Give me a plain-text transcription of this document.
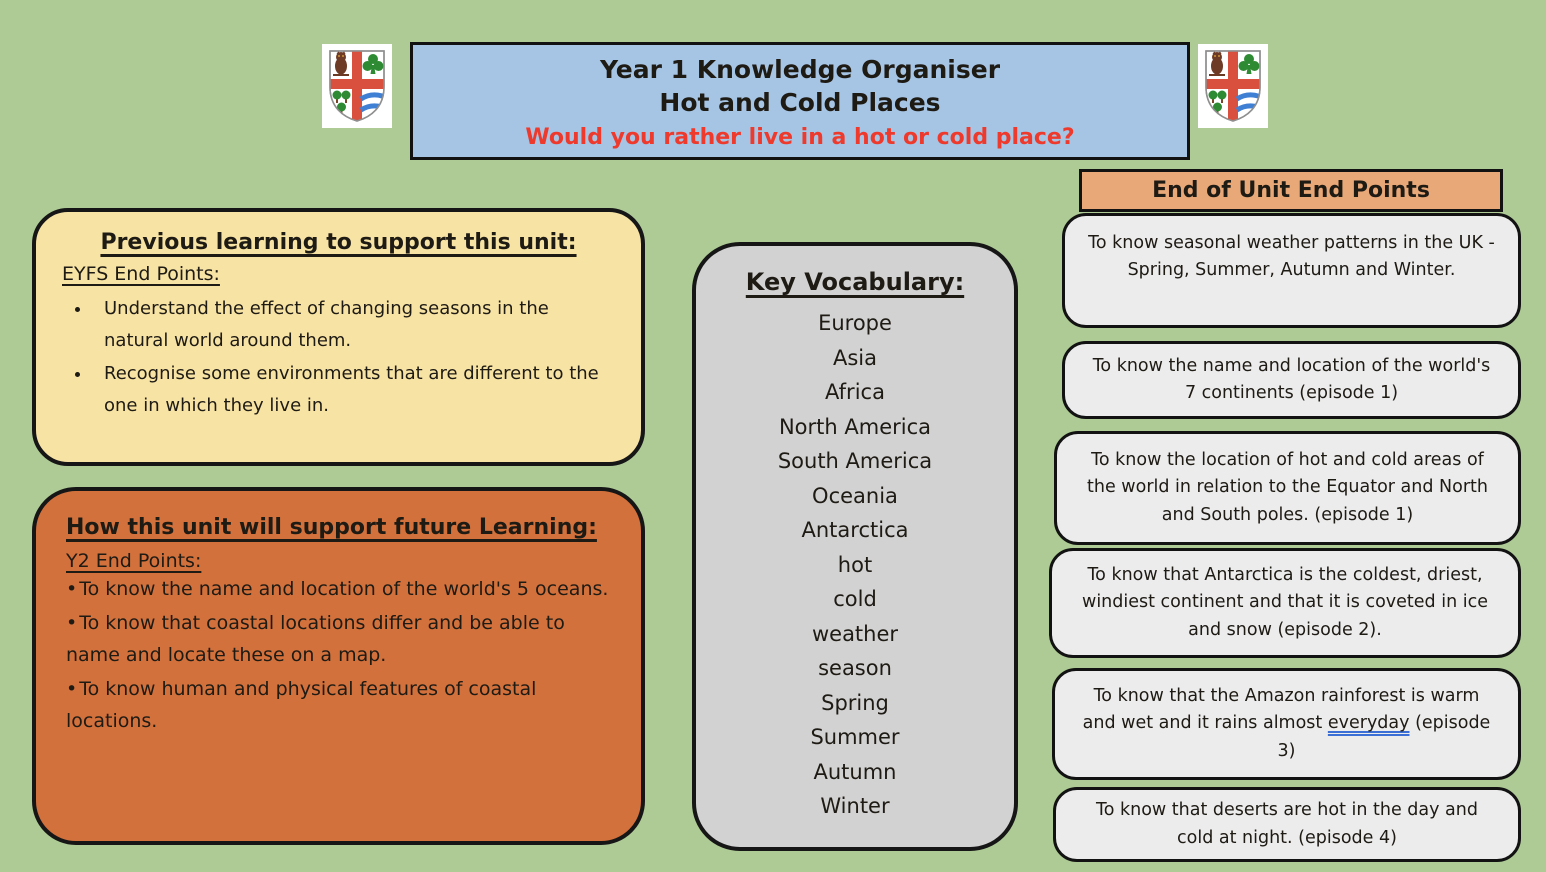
Year 1 Knowledge Organiser
Hot and Cold Places
Would you rather live in a hot or cold place?
Previous learning to support this unit:
EYFS End Points:
• Understand the effect of changing seasons in the natural world around them.
• Recognise some environments that are different to the one in which they live in.
How this unit will support future Learning:
Y2 End Points:
• To know the name and location of the world's 5 oceans.
• To know that coastal locations differ and be able to name and locate these on a map.
• To know human and physical features of coastal locations.
Key Vocabulary:
Europe
Asia
Africa
North America
South America
Oceania
Antarctica
hot
cold
weather
season
Spring
Summer
Autumn
Winter
End of Unit End Points
To know seasonal weather patterns in the UK - Spring, Summer, Autumn and Winter.
To know the name and location of the world's 7 continents (episode 1)
To know the location of hot and cold areas of the world in relation to the Equator and North and South poles. (episode 1)
To know that Antarctica is the coldest, driest, windiest continent and that it is coveted in ice and snow (episode 2).
To know that the Amazon rainforest is warm and wet and it rains almost everyday (episode 3)
To know that deserts are hot in the day and cold at night. (episode 4)
